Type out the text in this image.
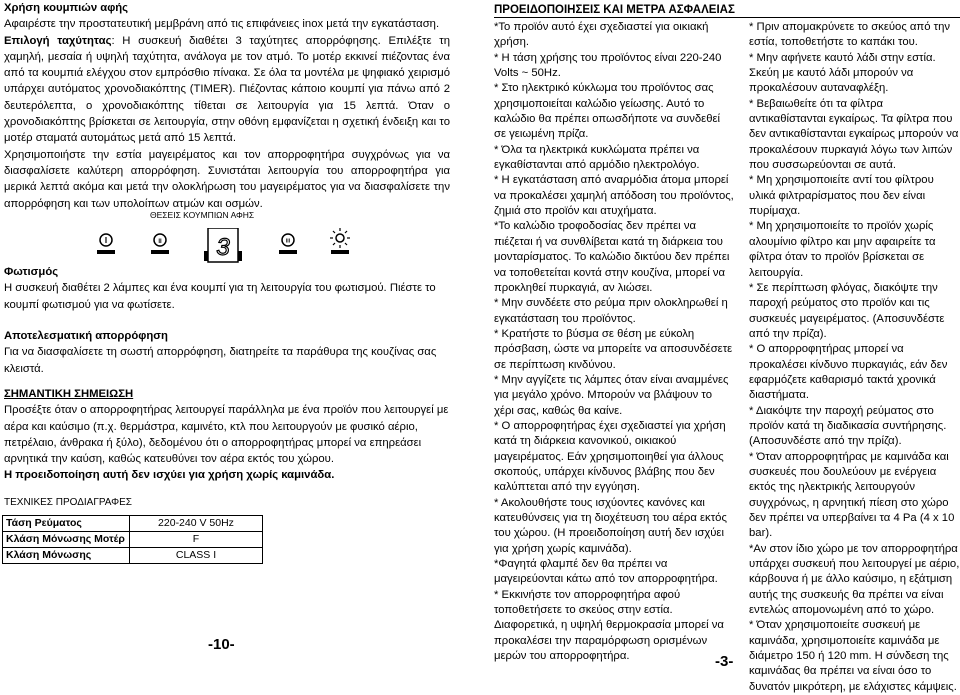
Χρήση κουμπιών αφής

Αφαιρέστε την προστατευτική μεμβράνη από τις επιφάνειες inox μετά την εγκατάσταση.

Επιλογή ταχύτητας: Η συσκευή διαθέτει 3 ταχύτητες απορρόφησης. Επιλέξτε τη χαμηλή, μεσαία ή υψηλή ταχύτητα, ανάλογα με τον ατμό. Το μοτέρ εκκινεί πιέζοντας ένα από τα κουμπιά ελέγχου στον εμπρόσθιο πίνακα. Σε όλα τα μοντέλα με ψηφιακό χειρισμό υπάρχει αυτόματος χρονοδιακόπτης (TIMER). Πιέζοντας κάποιο κουμπί για πάνω από 2 δευτερόλεπτα, ο χρονοδιακόπτης τίθεται σε λειτουργία για 15 λεπτά. Όταν ο χρονοδιακόπτης βρίσκεται σε λειτουργία, στην οθόνη εμφανίζεται η σχετική ένδειξη και το μοτέρ σταματά αυτομάτως μετά από 15 λεπτά.

Χρησιμοποιήστε την εστία μαγειρέματος και τον απορροφητήρα συγχρόνως για να διασφαλίσετε καλύτερη απορρόφηση. Συνιστάται λειτουργία του απορροφητήρα για μερικά λεπτά ακόμα και μετά την ολοκλήρωση του μαγειρέματος για να διασφαλίσετε την απορρόφηση και των υπολοίπων ατμών και οσμών.

ΘΕΣΕΙΣ ΚΟΥΜΠΙΩΝ ΑΦΗΣ
I	II 3	III

Φωτισμός

Η συσκευή διαθέτει 2 λάμπες και ένα κουμπί για τη λειτουργία του φωτισμού. Πιέστε το κουμπί φωτισμού για να φωτίσετε.

Αποτελεσματική απορρόφηση

Για να διασφαλίσετε τη σωστή απορρόφηση, διατηρείτε τα παράθυρα της κουζίνας σας κλειστά.

ΣΗΜΑΝΤΙΚΗ ΣΗΜΕΙΩΣΗ

Προσέξτε όταν ο απορροφητήρας λειτουργεί παράλληλα με ένα προϊόν που λειτουργεί με αέρα και καύσιμο (π.χ. θερμάστρα, καμινέτο, κτλ που λειτουργούν με φυσικό αέριο, πετρέλαιο, άνθρακα ή ξύλο), δεδομένου ότι ο απορροφητήρας μπορεί να επηρεάσει αρνητικά την καύση, καθώς κατευθύνει τον αέρα εκτός του χώρου.

Η προειδοποίηση αυτή δεν ισχύει για χρήση χωρίς καμινάδα.

ΤΕΧΝΙΚΕΣ ΠΡΟΔΙΑΓΡΑΦΕΣ
Τάση Ρεύματος	220-240 V 50Hz
Κλάση Μόνωσης Μοτέρ	F
Κλάση Μόνωσης	CLASS I
-10-
ΠΡΟΕΙΔΟΠΟΙΗΣΕΙΣ ΚΑΙ ΜΕΤΡΑ ΑΣΦΑΛΕΙΑΣ

*Το προϊόν αυτό έχει σχεδιαστεί για οικιακή χρήση.

* Η τάση χρήσης του προϊόντος είναι 220-240 Volts ~ 50Hz.

* Στο ηλεκτρικό κύκλωμα του προϊόντος σας χρησιμοποιείται καλώδιο γείωσης. Αυτό το καλώδιο θα πρέπει οπωσδήποτε να συνδεθεί σε γειωμένη πρίζα.

* Όλα τα ηλεκτρικά κυκλώματα πρέπει να εγκαθίστανται από αρμόδιο ηλεκτρολόγο.

* Η εγκατάσταση από αναρμόδια άτομα μπορεί να προκαλέσει χαμηλή απόδοση του προϊόντος, ζημιά στο προϊόν και ατυχήματα.

*Το καλώδιο τροφοδοσίας δεν πρέπει να πιέζεται ή να συνθλίβεται κατά τη διάρκεια του μονταρίσματος. Το καλώδιο δικτύου δεν πρέπει να τοποθετείται κοντά στην κουζίνα, μπορεί να προκληθεί πυρκαγιά, αν λιώσει.

* Μην συνδέετε στο ρεύμα πριν ολοκληρωθεί η εγκατάσταση του προϊόντος.

* Κρατήστε το βύσμα σε θέση με εύκολη πρόσβαση, ώστε να μπορείτε να αποσυνδέσετε σε περίπτωση κινδύνου.

* Μην αγγίζετε τις λάμπες όταν είναι αναμμένες για μεγάλο χρόνο. Μπορούν να βλάψουν το χέρι σας, καθώς θα καίνε.

* Ο απορροφητήρας έχει σχεδιαστεί για χρήση κατά τη διάρκεια κανονικού, οικιακού μαγειρέματος. Εάν χρησιμοποιηθεί για άλλους σκοπούς, υπάρχει κίνδυνος βλάβης που δεν καλύπτεται από την εγγύηση.

* Ακολουθήστε τους ισχύοντες κανόνες και κατευθύνσεις για τη διοχέτευση του αέρα εκτός του χώρου. (Η προειδοποίηση αυτή δεν ισχύει για χρήση χωρίς καμινάδα).

*Φαγητά φλαμπέ δεν θα πρέπει να μαγειρεύονται κάτω από τον απορροφητήρα.

* Εκκινήστε τον απορροφητήρα αφού τοποθετήσετε το σκεύος στην εστία. Διαφορετικά, η υψηλή θερμοκρασία μπορεί να προκαλέσει την παραμόρφωση ορισμένων μερών του απορροφητήρα.

* Πριν απομακρύνετε το σκεύος από την εστία, τοποθετήστε το καπάκι του.

* Μην αφήνετε καυτό λάδι στην εστία. Σκεύη με καυτό λάδι μπορούν να προκαλέσουν αυταναφλέξη.

* Βεβαιωθείτε ότι τα φίλτρα αντικαθίστανται εγκαίρως. Τα φίλτρα που δεν αντικαθίστανται εγκαίρως μπορούν να προκαλέσουν πυρκαγιά λόγω των λιπών που συσσωρεύονται σε αυτά.

* Μη χρησιμοποιείτε αντί του φίλτρου υλικά φιλτραρίσματος που δεν είναι πυρίμαχα.

* Μη χρησιμοποιείτε το προϊόν χωρίς αλουμίνιο φίλτρο και μην αφαιρείτε τα φίλτρα όταν το προϊόν βρίσκεται σε λειτουργία.

* Σε περίπτωση φλόγας, διακόψτε την παροχή ρεύματος στο προϊόν και τις συσκευές μαγειρέματος. (Αποσυνδέστε από την πρίζα).

* Ο απορροφητήρας μπορεί να προκαλέσει κίνδυνο πυρκαγιάς, εάν δεν εφαρμόζετε καθαρισμό τακτά χρονικά διαστήματα.

* Διακόψτε την παροχή ρεύματος στο προϊόν κατά τη διαδικασία συντήρησης. (Αποσυνδέστε από την πρίζα).

* Όταν απορροφητήρας με καμινάδα και συσκευές που δουλεύουν με ενέργεια εκτός της ηλεκτρικής λειτουργούν συγχρόνως, η αρνητική πίεση στο χώρο δεν πρέπει να υπερβαίνει τα 4 Pa (4 x 10 bar).

*Αν στον ίδιο χώρο με τον απορροφητήρα υπάρχει συσκευή που λειτουργεί με αέριο, κάρβουνα ή με άλλο καύσιμο, η εξάτμιση αυτής της συσκευής θα πρέπει να είναι εντελώς απομονωμένη από το χώρο.

* Όταν χρησιμοποιείτε συσκευή με καμινάδα, χρησιμοποιείτε καμινάδα με διάμετρο 150 ή 120 mm. Η σύνδεση της καμινάδας θα πρέπει να είναι όσο το δυνατόν μικρότερη, με ελάχιστες κάμψεις.

-3-
